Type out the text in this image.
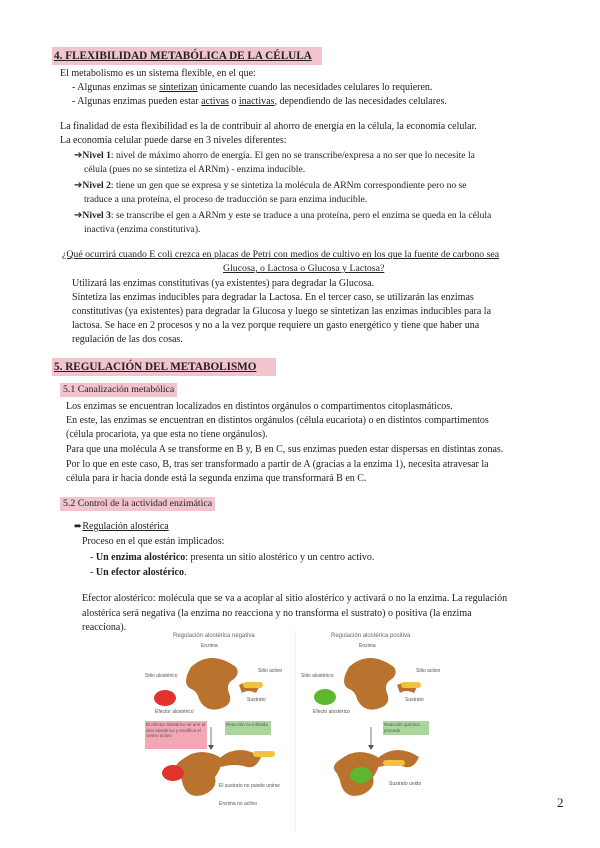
4. FLEXIBILIDAD METABÓLICA DE LA CÉLULA
El metabolismo es un sistema flexible, en el que:
- Algunas enzimas se sintetizan únicamente cuando las necesidades celulares lo requieren.
- Algunas enzimas pueden estar activas o inactivas, dependiendo de las necesidades celulares.
La finalidad de esta flexibilidad es la de contribuir al ahorro de energía en la célula, la economía celular.
La economía celular puede darse en 3 niveles diferentes:
➔Nivel 1: nivel de máximo ahorro de energía. El gen no se transcribe/expresa a no ser que lo necesite la
célula (pues no se sintetiza el ARNm) - enzima inducible.
➔Nivel 2: tiene un gen que se expresa y se sintetiza la molécula de ARNm correspondiente pero no se
traduce a una proteína, el proceso de traducción se para enzima inducible.
➔Nivel 3: se transcribe el gen a ARNm y este se traduce a una proteína, pero el enzima se queda en la célula
inactiva (enzima constitutiva).
¿Qué ocurrirá cuando E coli crezca en placas de Petri con medios de cultivo en los que la fuente de carbono sea
Glucosa, o Lactosa o Glucosa y Lactosa?
Utilizará las enzimas constitutivas (ya existentes) para degradar la Glucosa.
Sintetiza las enzimas inducibles para degradar la Lactosa. En el tercer caso, se utilizarán las enzimas
constitutivas (ya existentes) para degradar la Glucosa y luego se sintetizan las enzimas inducibles para la
lactosa. Se hace en 2 procesos y no a la vez porque requiere un gasto energético y tiene que haber una
regulación de las dos cosas.
5. REGULACIÓN DEL METABOLISMO
5.1 Canalización metabólica
Los enzimas se encuentran localizados en distintos orgánulos o compartimentos citoplasmáticos.
En este, las enzimas se encuentran en distintos orgánulos (célula eucariota) o en distintos compartimentos
(célula procariota, ya que esta no tiene orgánulos).
Para que una molécula A se transforme en B y, B en C, sus enzimas pueden estar dispersas en distintas zonas.
Por lo que en este caso, B, tras ser transformado a partir de A (gracias a la enzima 1), necesita atravesar la
célula para ir hacia donde está la segunda enzima que transformará B en C.
5.2 Control de la actividad enzimática
➨Regulación alostérica
Proceso en el que están implicados:
- Un enzima alostérico: presenta un sitio alostérico y un centro activo.
- Un efector alostérico.
Efector alostérico: molécula que se va a acoplar al sitio alostérico y activará o no la enzima. La regulación
alostérica será negativa (la enzima no reacciona y no transforma el sustrato) o positiva (la enzima
reacciona).
Regulación alostérica negativa	Regulación alostérica positiva
Enzima
Sitio alostérico
Sitio activo
Efector alostérico
Sustrato
El efector alostérico se une al sitio alostérico y modifica el centro activo
Reacción no inhibida
El sustrato no puede unirse
Enzima no activo
Enzima
Sitio alostérico
Sitio activo
Efecto alostérico
Sustrato
Reacción química procede
Sustrato unido
2
